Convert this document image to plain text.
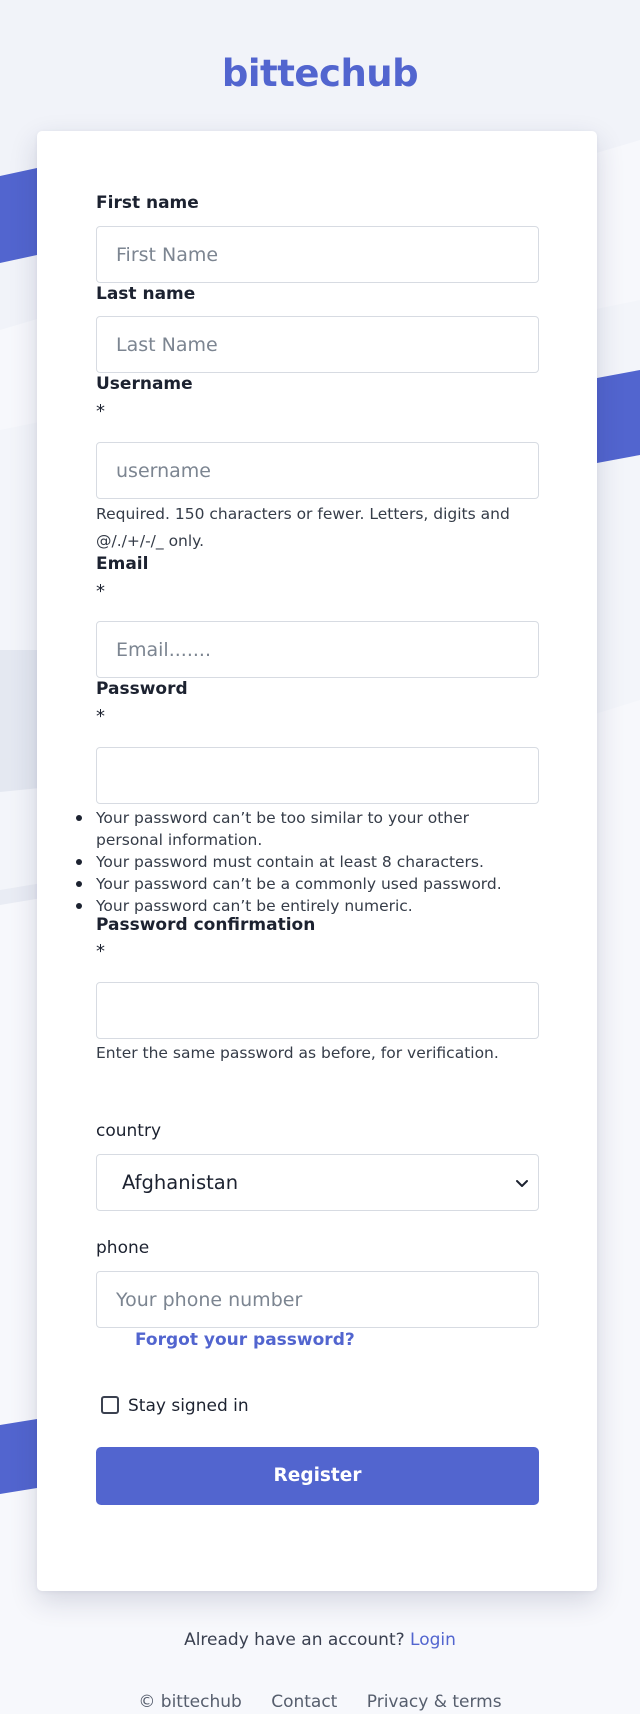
bittechub
First name
First Name
Last name
Last Name
Username
*
username
Required. 150 characters or fewer. Letters, digits and
@/./+/-/_ only.
Email
*
Email.......
Password
*
Your password can’t be too similar to your other personal information.
Your password must contain at least 8 characters.
Your password can’t be a commonly used password.
Your password can’t be entirely numeric.
Password confirmation
*
Enter the same password as before, for verification.
country
Afghanistan
phone
Your phone number
Forgot your password?
Stay signed in
Register
Already have an account? Login
© bittechub Contact Privacy & terms
